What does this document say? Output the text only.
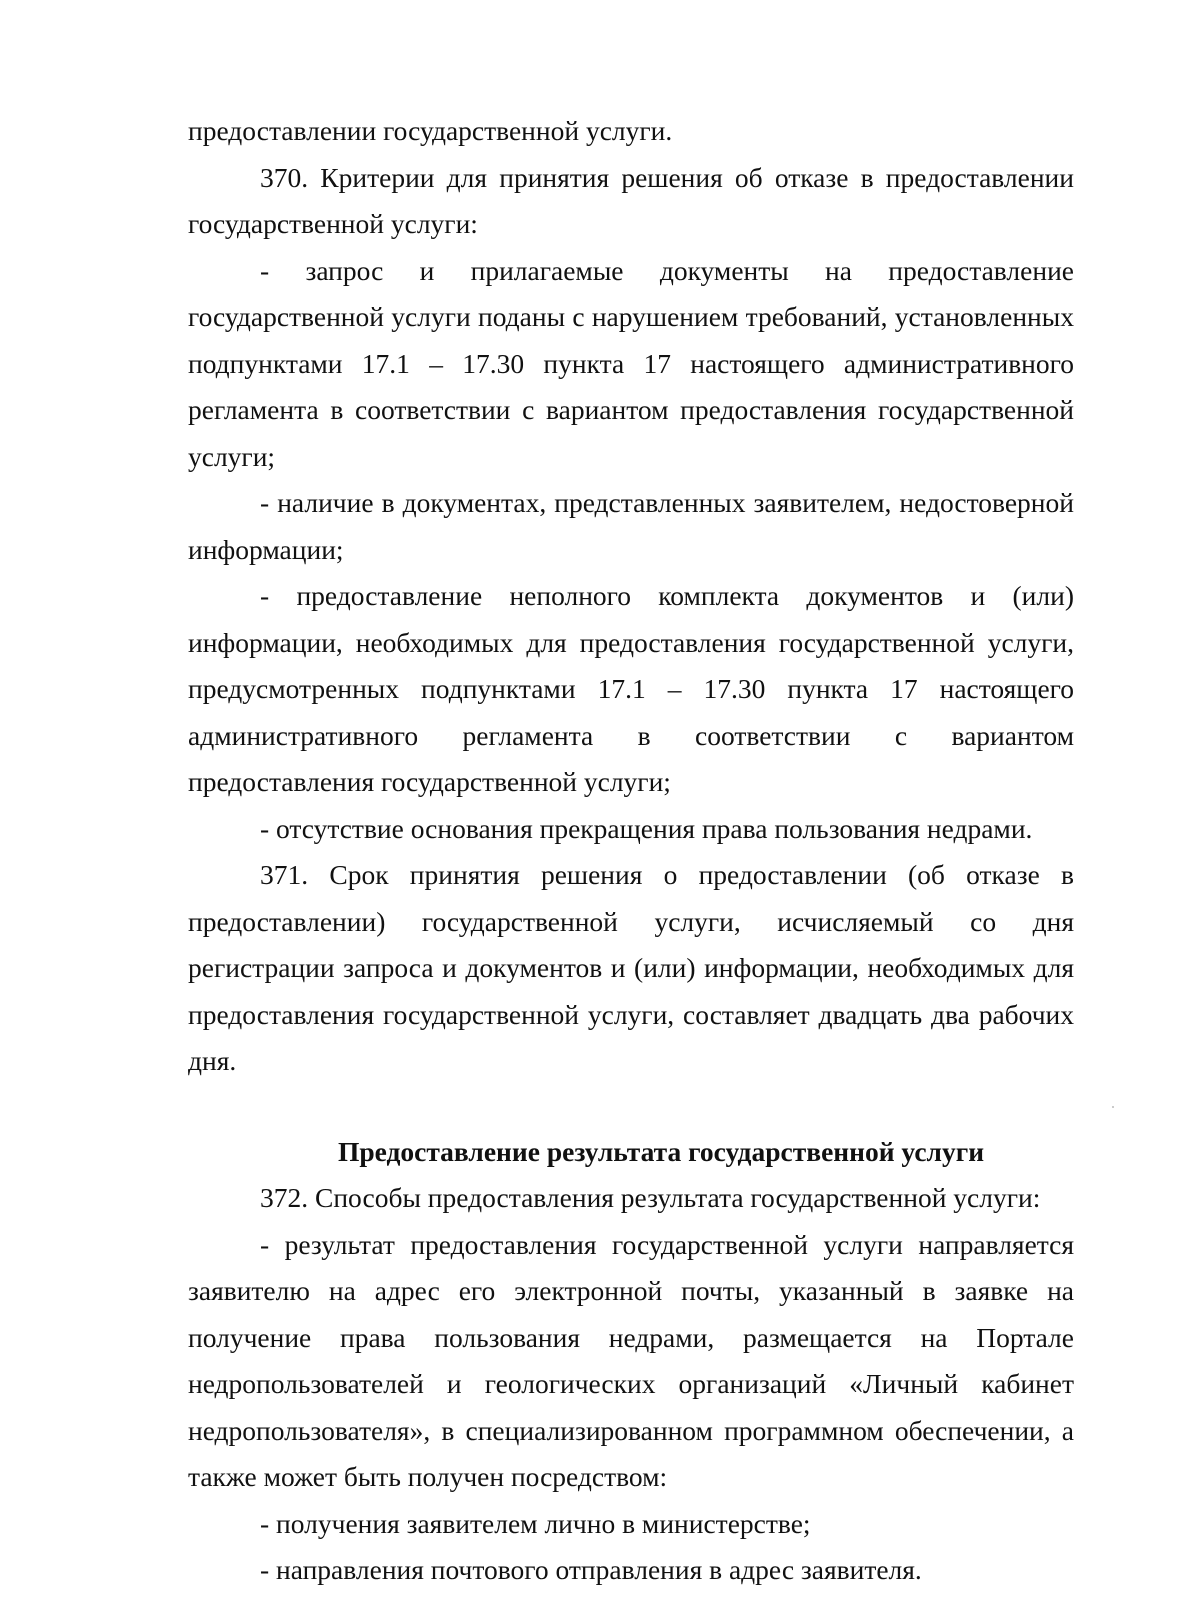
предоставлении государственной услуги.

370. Критерии для принятия решения об отказе в предоставлении государственной услуги:

- запрос и прилагаемые документы на предоставление государственной услуги поданы с нарушением требований, установленных подпунктами 17.1 – 17.30 пункта 17 настоящего административного регламента в соответствии с вариантом предоставления государственной услуги;

- наличие в документах, представленных заявителем, недостоверной информации;

- предоставление неполного комплекта документов и (или) информации, необходимых для предоставления государственной услуги, предусмотренных подпунктами 17.1 – 17.30 пункта 17 настоящего административного регламента в соответствии с вариантом предоставления государственной услуги;

- отсутствие основания прекращения права пользования недрами.

371. Срок принятия решения о предоставлении (об отказе в предоставлении) государственной услуги, исчисляемый со дня регистрации запроса и документов и (или) информации, необходимых для предоставления государственной услуги, составляет двадцать два рабочих дня.

Предоставление результата государственной услуги

372. Способы предоставления результата государственной услуги:

- результат предоставления государственной услуги направляется заявителю на адрес его электронной почты, указанный в заявке на получение права пользования недрами, размещается на Портале недропользователей и геологических организаций «Личный кабинет недропользователя», в специализированном программном обеспечении, а также может быть получен посредством:

- получения заявителем лично в министерстве;

- направления почтового отправления в адрес заявителя.
